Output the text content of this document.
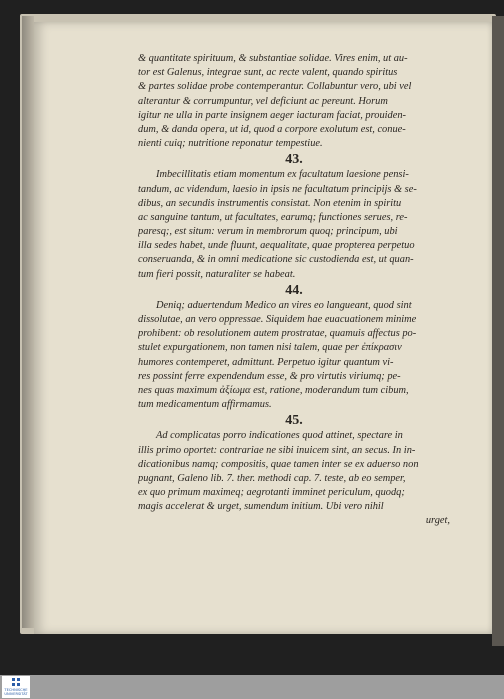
& quantitate spirituum, & substantiae solidae. Vires enim, ut au-
tor est Galenus, integrae sunt, ac recte valent, quando spiritus
& partes solidae probe contemperantur. Collabuntur vero, ubi vel
alterantur & corrumpuntur, vel deficiunt ac pereunt. Horum
igitur ne ulla in parte insignem aeger iacturam faciat, prouiden-
dum, & danda opera, ut id, quod a corpore exolutum est, conue-
nienti cuiq; nutritione reponatur tempestiue.
43.
Imbecillitatis etiam momentum ex facultatum laesione pensi-
tandum, ac videndum, laesio in ipsis ne facultatum principijs & se-
dibus, an secundis instrumentis consistat. Non etenim in spiritu
ac sanguine tantum, ut facultates, earumq; functiones serues, re-
paresq;, est situm: verum in membrorum quoq; principum, ubi
illa sedes habet, unde fluunt, aequalitate, quae propterea perpetuo
conseruanda, & in omni medicatione sic custodienda est, ut quan-
tum fieri possit, naturaliter se habeat.
44.
Deniq; aduertendum Medico an vires eo langueant, quod sint
dissolutae, an vero oppressae. Siquidem hae euacuationem minime
prohibent: ob resolutionem autem prostratae, quamuis affectus po-
stulet expurgationem, non tamen nisi talem, quae per ἐπίκρασιν
humores contemperet, admittunt. Perpetuo igitur quantum vi-
res possint ferre expendendum esse, & pro virtutis viriumq; pe-
nes quas maximum ἀξίωμα est, ratione, moderandum tum cibum,
tum medicamentum affirmamus.
45.
Ad complicatas porro indicationes quod attinet, spectare in
illis primo oportet: contrariae ne sibi inuicem sint, an secus. In in-
dicationibus namq; compositis, quae tamen inter se ex aduerso non
pugnant, Galeno lib. 7. ther. methodi cap. 7. teste, ab eo semper,
ex quo primum maximeq; aegrotanti imminet periculum, quodq;
magis accelerat & urget, sumendum initium. Ubi vero nihil
urget,
TECHNISCHE
UNIVERSITÄT
